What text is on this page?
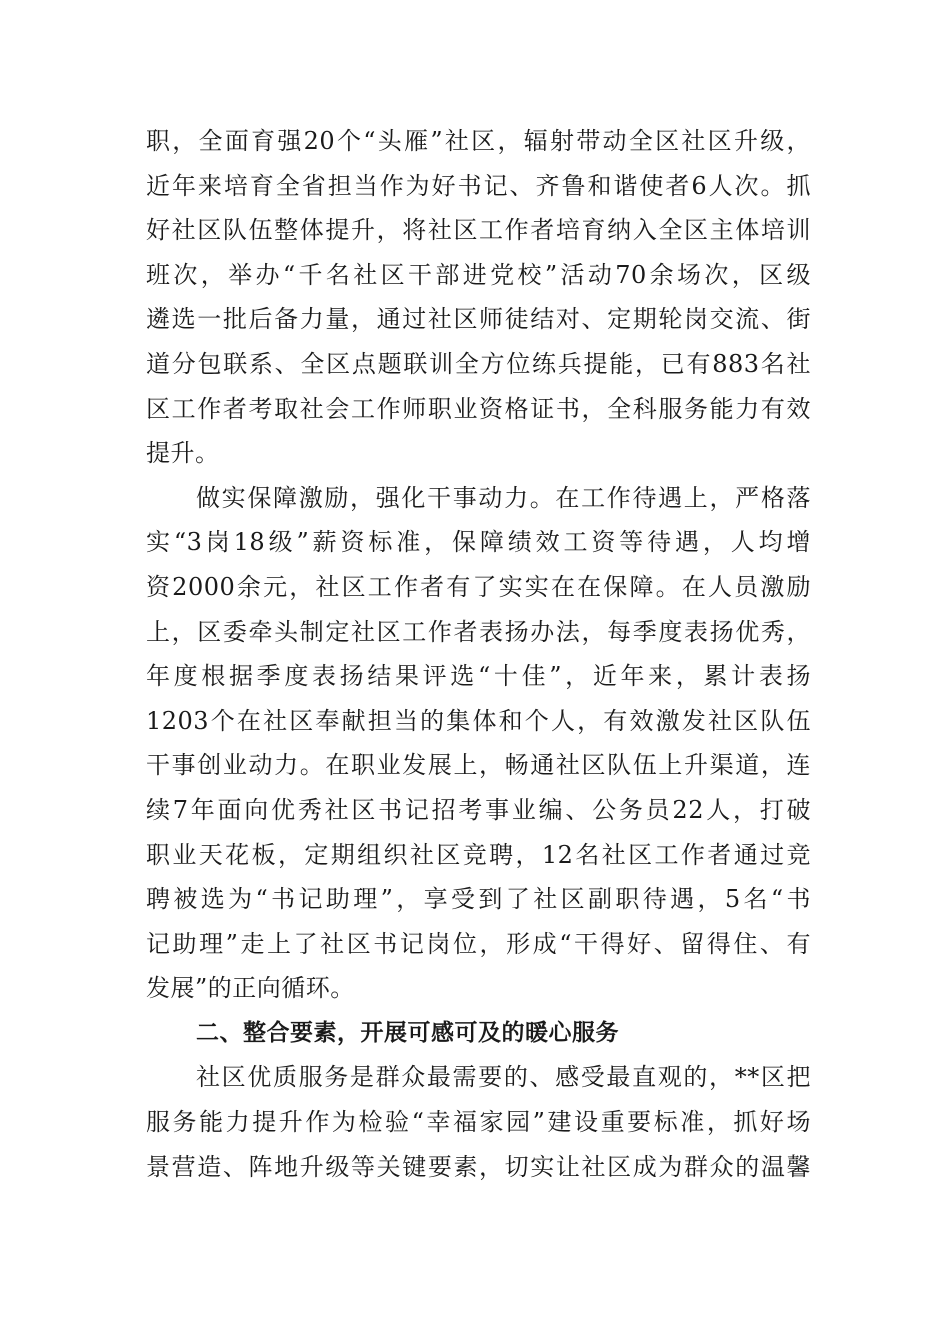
职，全面育强20个“头雁”社区，辐射带动全区社区升级，
近年来培育全省担当作为好书记、齐鲁和谐使者6人次。抓
好社区队伍整体提升，将社区工作者培育纳入全区主体培训
班次，举办“千名社区干部进党校”活动70余场次，区级
遴选一批后备力量，通过社区师徒结对、定期轮岗交流、街
道分包联系、全区点题联训全方位练兵提能，已有883名社
区工作者考取社会工作师职业资格证书，全科服务能力有效
提升。
做实保障激励，强化干事动力。在工作待遇上，严格落
实“3岗18级”薪资标准，保障绩效工资等待遇，人均增
资2000余元，社区工作者有了实实在在保障。在人员激励
上，区委牵头制定社区工作者表扬办法，每季度表扬优秀，
年度根据季度表扬结果评选“十佳”，近年来，累计表扬
1203个在社区奉献担当的集体和个人，有效激发社区队伍
干事创业动力。在职业发展上，畅通社区队伍上升渠道，连
续7年面向优秀社区书记招考事业编、公务员22人，打破
职业天花板，定期组织社区竞聘，12名社区工作者通过竞
聘被选为“书记助理”，享受到了社区副职待遇，5名“书
记助理”走上了社区书记岗位，形成“干得好、留得住、有
发展”的正向循环。
二、整合要素，开展可感可及的暖心服务
社区优质服务是群众最需要的、感受最直观的，**区把
服务能力提升作为检验“幸福家园”建设重要标准，抓好场
景营造、阵地升级等关键要素，切实让社区成为群众的温馨
